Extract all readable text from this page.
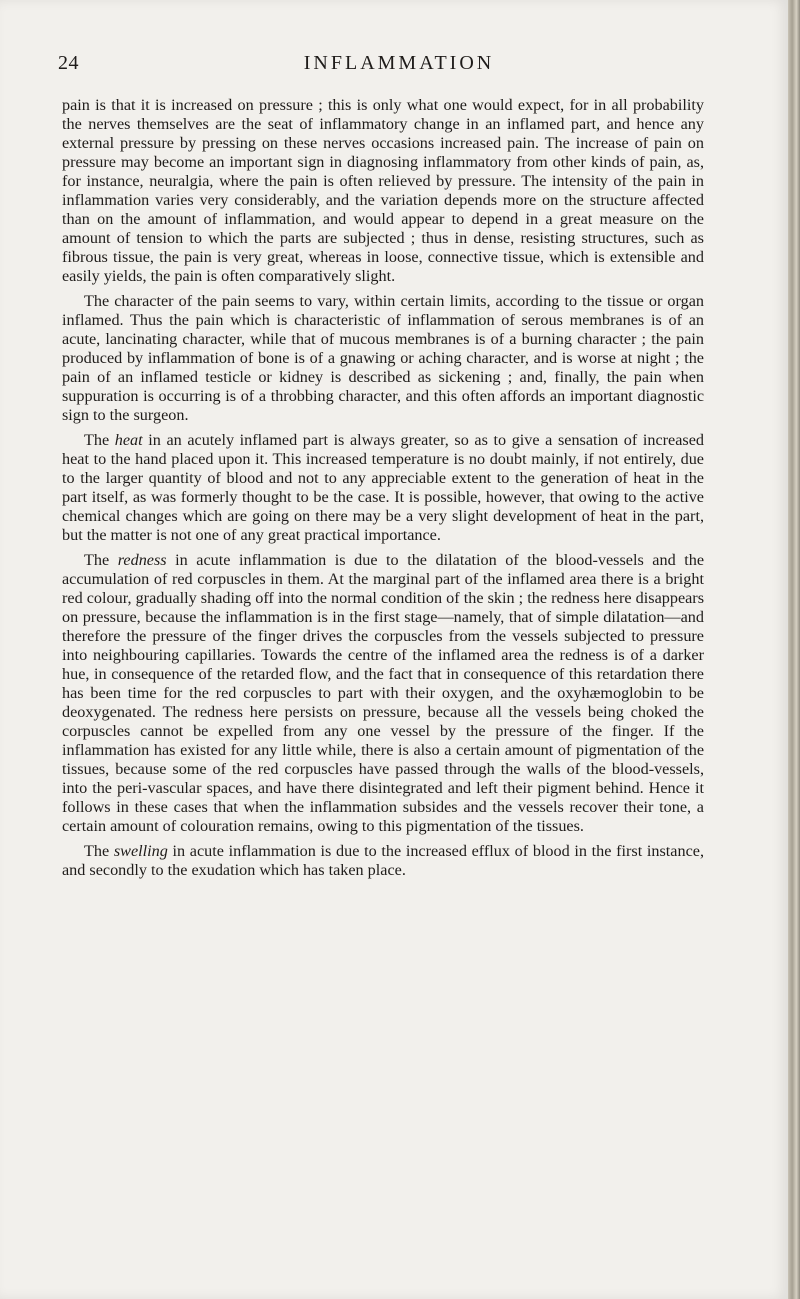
24	INFLAMMATION

pain is that it is increased on pressure ; this is only what one would expect, for in all probability the nerves themselves are the seat of inflammatory change in an inflamed part, and hence any external pressure by pressing on these nerves occasions increased pain. The increase of pain on pressure may become an important sign in diagnosing inflammatory from other kinds of pain, as, for instance, neuralgia, where the pain is often relieved by pressure. The intensity of the pain in inflammation varies very considerably, and the variation depends more on the structure affected than on the amount of inflammation, and would appear to depend in a great measure on the amount of tension to which the parts are subjected ; thus in dense, resisting structures, such as fibrous tissue, the pain is very great, whereas in loose, connective tissue, which is extensible and easily yields, the pain is often comparatively slight.

The character of the pain seems to vary, within certain limits, according to the tissue or organ inflamed. Thus the pain which is characteristic of inflammation of serous membranes is of an acute, lancinating character, while that of mucous membranes is of a burning character ; the pain produced by inflammation of bone is of a gnawing or aching character, and is worse at night ; the pain of an inflamed testicle or kidney is described as sickening ; and, finally, the pain when suppuration is occurring is of a throbbing character, and this often affords an important diagnostic sign to the surgeon.

The heat in an acutely inflamed part is always greater, so as to give a sensation of increased heat to the hand placed upon it. This increased temperature is no doubt mainly, if not entirely, due to the larger quantity of blood and not to any appreciable extent to the generation of heat in the part itself, as was formerly thought to be the case. It is possible, however, that owing to the active chemical changes which are going on there may be a very slight development of heat in the part, but the matter is not one of any great practical importance.

The redness in acute inflammation is due to the dilatation of the blood-vessels and the accumulation of red corpuscles in them. At the marginal part of the inflamed area there is a bright red colour, gradually shading off into the normal condition of the skin ; the redness here disappears on pressure, because the inflammation is in the first stage—namely, that of simple dilatation—and therefore the pressure of the finger drives the corpuscles from the vessels subjected to pressure into neighbouring capillaries. Towards the centre of the inflamed area the redness is of a darker hue, in consequence of the retarded flow, and the fact that in consequence of this retardation there has been time for the red corpuscles to part with their oxygen, and the oxyhæmoglobin to be deoxygenated. The redness here persists on pressure, because all the vessels being choked the corpuscles cannot be expelled from any one vessel by the pressure of the finger. If the inflammation has existed for any little while, there is also a certain amount of pigmentation of the tissues, because some of the red corpuscles have passed through the walls of the blood-vessels, into the peri-vascular spaces, and have there disintegrated and left their pigment behind. Hence it follows in these cases that when the inflammation subsides and the vessels recover their tone, a certain amount of colouration remains, owing to this pigmentation of the tissues.

The swelling in acute inflammation is due to the increased efflux of blood in the first instance, and secondly to the exudation which has taken place.
